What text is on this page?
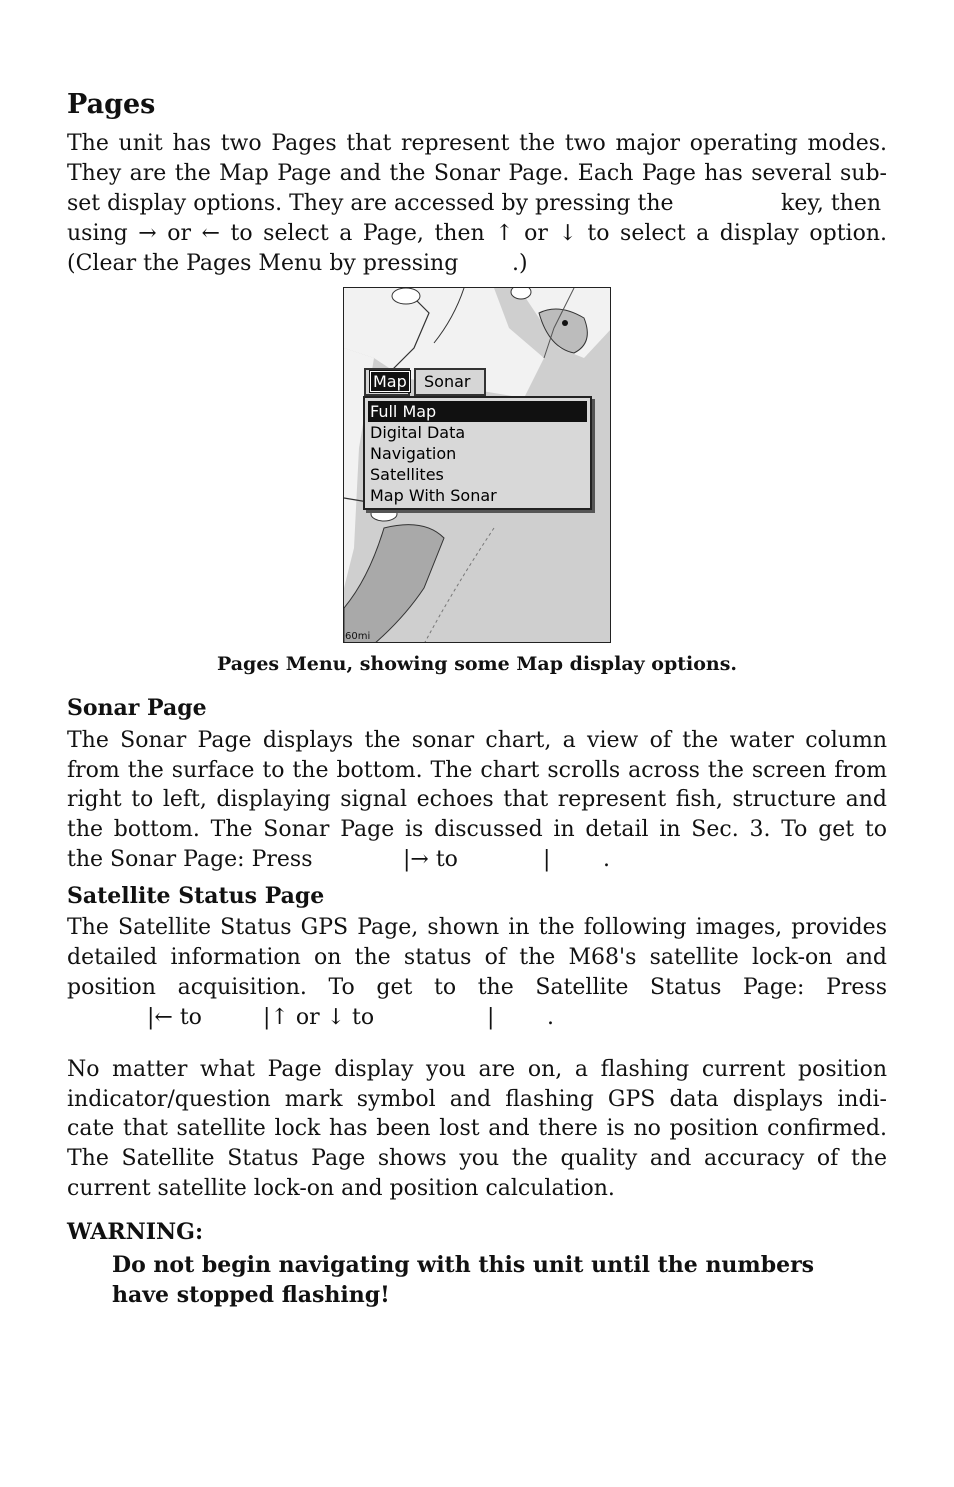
Pages
The unit has two Pages that represent the two major operating modes.
They are the Map Page and the Sonar Page. Each Page has several sub-
set display options. They are accessed by pressing the	key, then
using → or ← to select a Page, then ↑ or ↓ to select a display option.
(Clear the Pages Menu by pressing .)
Map	Sonar
Full Map
Digital Data
Navigation
Satellites
Map With Sonar
60mi
Pages Menu, showing some Map display options.
Sonar Page
The Sonar Page displays the sonar chart, a view of the water column
from the surface to the bottom. The chart scrolls across the screen from
right to left, displaying signal echoes that represent fish, structure and
the bottom. The Sonar Page is discussed in detail in Sec. 3. To get to
the Sonar Page: Press	|→ to	| .
Satellite Status Page
The Satellite Status GPS Page, shown in the following images, provides
detailed information on the status of the M68's satellite lock-on and
position acquisition. To get to the Satellite Status Page: Press
|← to	|↑ or ↓ to	| .
No matter what Page display you are on, a flashing current position
indicator/question mark symbol and flashing GPS data displays indi-
cate that satellite lock has been lost and there is no position confirmed.
The Satellite Status Page shows you the quality and accuracy of the
current satellite lock-on and position calculation.
WARNING:
Do not begin navigating with this unit until the numbers
have stopped flashing!
